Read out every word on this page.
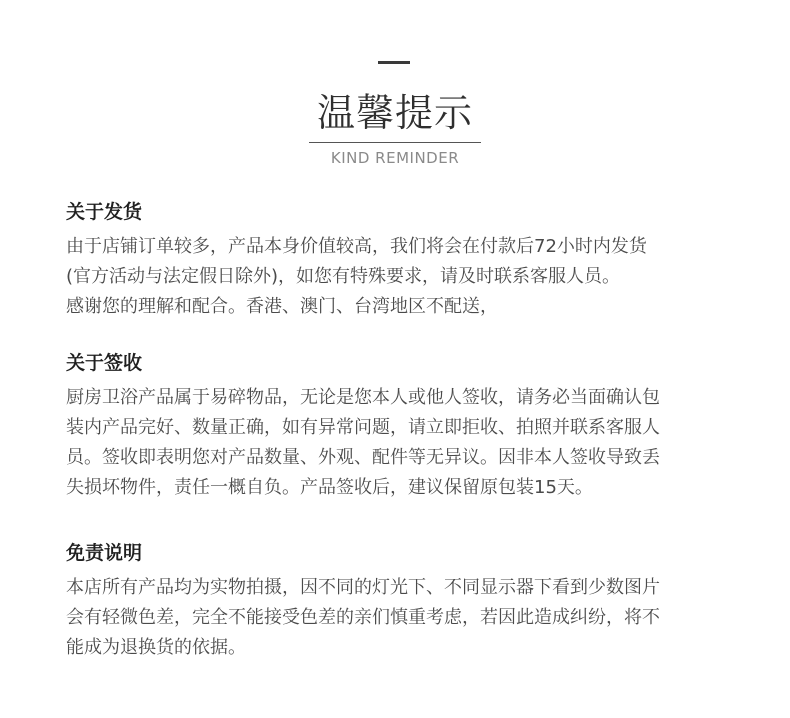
温馨提示
KIND REMINDER
关于发货

由于店铺订单较多，产品本身价值较高，我们将会在付款后72小时内发货
(官方活动与法定假日除外)，如您有特殊要求，请及时联系客服人员。
感谢您的理解和配合。香港、澳门、台湾地区不配送，

关于签收

厨房卫浴产品属于易碎物品，无论是您本人或他人签收，请务必当面确认包
装内产品完好、数量正确，如有异常问题，请立即拒收、拍照并联系客服人
员。签收即表明您对产品数量、外观、配件等无异议。因非本人签收导致丢
失损坏物件，责任一概自负。产品签收后，建议保留原包装15天。

免责说明

本店所有产品均为实物拍摄，因不同的灯光下、不同显示器下看到少数图片
会有轻微色差，完全不能接受色差的亲们慎重考虑，若因此造成纠纷，将不
能成为退换货的依据。
